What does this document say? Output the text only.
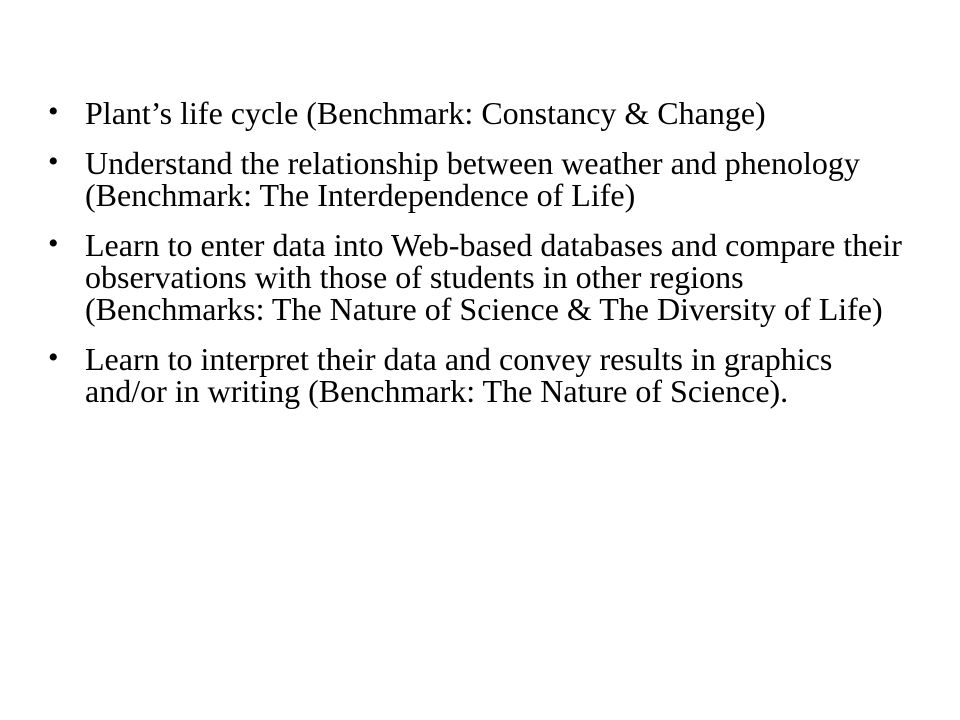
• Plant’s life cycle (Benchmark: Constancy & Change)
• Understand the relationship between weather and phenology (Benchmark: The Interdependence of Life)
• Learn to enter data into Web-based databases and compare their observations with those of students in other regions (Benchmarks: The Nature of Science & The Diversity of Life)
• Learn to interpret their data and convey results in graphics and/or in writing (Benchmark: The Nature of Science).
